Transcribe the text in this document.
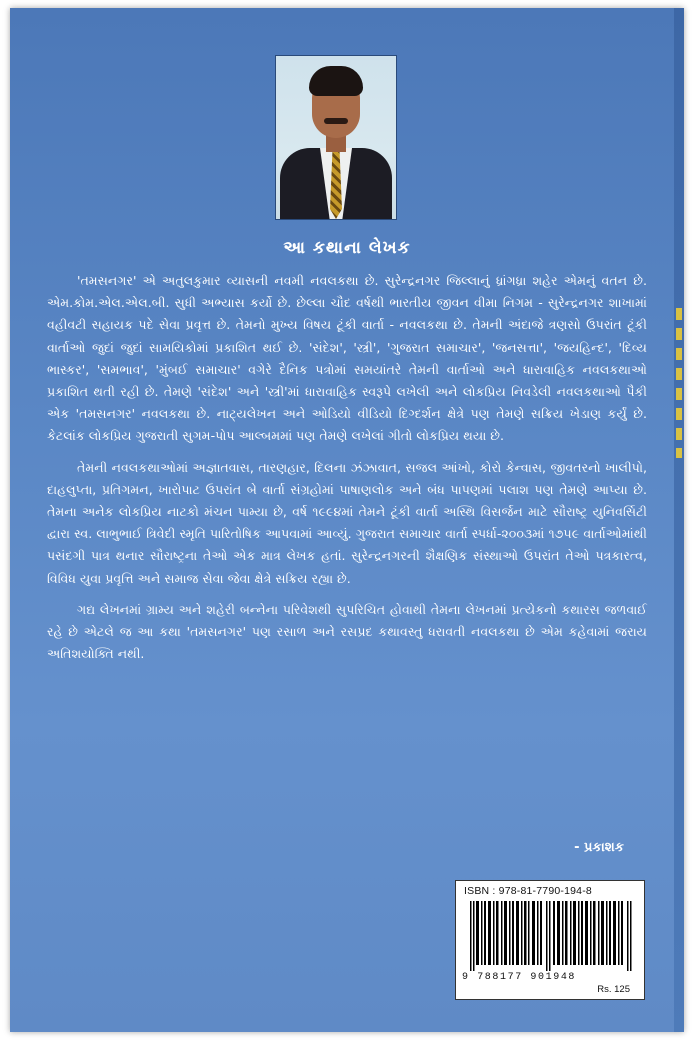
આ કથાના લેખક

'તમસનગર' એ અતુલકુમાર વ્યાસની નવમી નવલકથા છે. સુરેન્દ્રનગર જિલ્લાનું ધ્રાંગધ્રા શહેર એમનું વતન છે. એમ.કોમ.એલ.એલ.બી. સુધી અભ્યાસ કર્યો છે. છેલ્લા ચૌદ વર્ષથી ભારતીય જીવન વીમા નિગમ - સુરેન્દ્રનગર શાખામાં વહીવટી સહાયક પદે સેવા પ્રવૃત્ત છે. તેમનો મુખ્ય વિષય ટૂંકી વાર્તા - નવલકથા છે. તેમની અંદાજે ત્રણસો ઉપરાંત ટૂંકી વાર્તાઓ જુદાં જુદાં સામયિકોમાં પ્રકાશિત થઈ છે. 'સંદેશ', 'સ્ત્રી', 'ગુજરાત સમાચાર', 'જનસત્તા', 'જયહિન્દ', 'દિવ્ય ભાસ્કર', 'સમભાવ', 'મુંબઈ સમાચાર' વગેરે દૈનિક પત્રોમાં સમયાંતરે તેમની વાર્તાઓ અને ધારાવાહિક નવલકથાઓ પ્રકાશિત થતી રહી છે. તેમણે 'સંદેશ' અને 'સ્ત્રી'માં ધારાવાહિક સ્વરૂપે લખેલી અને લોકપ્રિય નિવડેલી નવલકથાઓ પૈકી એક 'તમસનગર' નવલકથા છે. નાટ્યલેખન અને ઓડિયો વીડિયો દિગ્દર્શન ક્ષેત્રે પણ તેમણે સક્રિય ખેડાણ કર્યું છે. કેટલાંક લોકપ્રિય ગુજરાતી સુગમ-પોપ આલ્બમમાં પણ તેમણે લખેલાં ગીતો લોકપ્રિય થયા છે.

તેમની નવલકથાઓમાં અજ્ઞાતવાસ, તારણહાર, દિલના ઝંઝાવાત, સજલ આંખો, કોરો કેન્વાસ, જીવતરનો ખાલીપો, દાહલુપ્તા, પ્રતિગમન, ખારોપાટ ઉપરાંત બે વાર્તા સંગ્રહોમાં પાષાણલોક અને બંધ પાપણમાં પલાશ પણ તેમણે આપ્યા છે. તેમના અનેક લોકપ્રિય નાટકો મંચન પામ્યા છે, વર્ષ ૧૯૯૪માં તેમને ટૂંકી વાર્તા અસ્થિ વિસર્જન માટે સૌરાષ્ટ્ર યુનિવર્સિટી દ્વારા સ્વ. લાભુભાઈ ત્રિવેદી સ્મૃતિ પારિતોષિક આપવામાં આવ્યું. ગુજરાત સમાચાર વાર્તા સ્પર્ધા-૨૦૦૩માં ૧૭૫૯ વાર્તાઓમાંથી પસંદગી પાત્ર થનાર સૌરાષ્ટ્રના તેઓ એક માત્ર લેખક હતાં. સુરેન્દ્રનગરની શૈક્ષણિક સંસ્થાઓ ઉપરાંત તેઓ પત્રકારત્વ, વિવિધ યુવા પ્રવૃત્તિ અને સમાજ સેવા જેવા ક્ષેત્રે સક્રિય રહ્યા છે.

ગદ્ય લેખનમાં ગ્રામ્ય અને શહેરી બન્નેના પરિવેશથી સુપરિચિત હોવાથી તેમના લેખનમાં પ્રત્યેકનો કથારસ જળવાઈ રહે છે એટલે જ આ કથા 'તમસનગર' પણ રસાળ અને રસપ્રદ કથાવસ્તુ ધરાવતી નવલકથા છે એમ કહેવામાં જરાય અતિશયોક્તિ નથી.

- પ્રકાશક
ISBN : 978-81-7790-194-8
9 788177 901948
Rs. 125
